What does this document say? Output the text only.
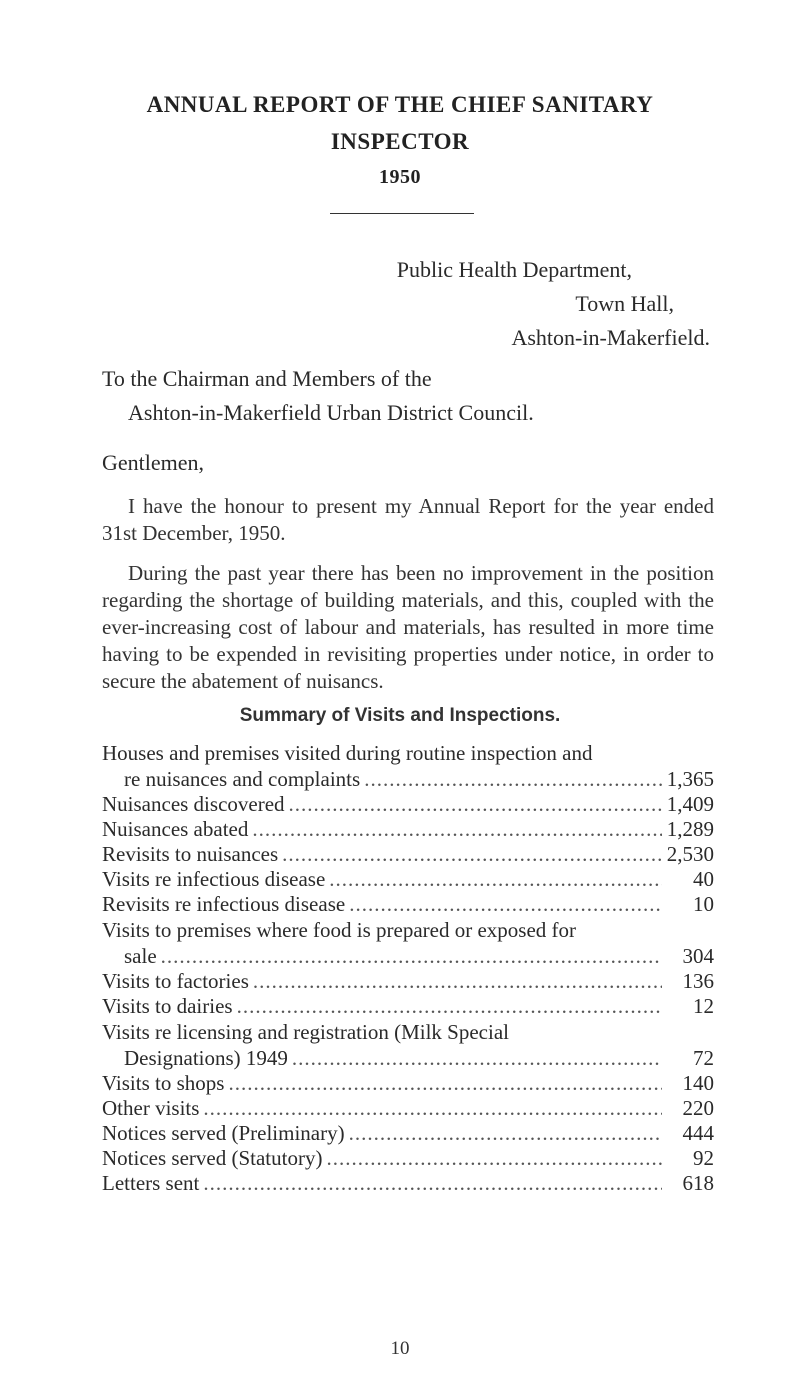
ANNUAL REPORT OF THE CHIEF SANITARY
INSPECTOR
1950
Public Health Department,
Town Hall,
Ashton-in-Makerfield.
To the Chairman and Members of the
Ashton-in-Makerfield Urban District Council.
Gentlemen,
I have the honour to present my Annual Report for the year ended 31st December, 1950.
During the past year there has been no improvement in the position regarding the shortage of building materials, and this, coupled with the ever-increasing cost of labour and materials, has resulted in more time having to be expended in revisiting properties under notice, in order to secure the abatement of nuisancs.
Summary of Visits and Inspections.
Houses and premises visited during routine inspection and
re nuisances and complaints .....	1,365
Nuisances discovered .....	1,409
Nuisances abated .....	1,289
Revisits to nuisances .....	2,530
Visits re infectious disease .....	40
Revisits re infectious disease .....	10
Visits to premises where food is prepared or exposed for
sale .....	304
Visits to factories .....	136
Visits to dairies .....	12
Visits re licensing and registration (Milk Special
Designations) 1949 .....	72
Visits to shops .....	140
Other visits .....	220
Notices served (Preliminary) .....	444
Notices served (Statutory) .....	92
Letters sent .....	618
10
